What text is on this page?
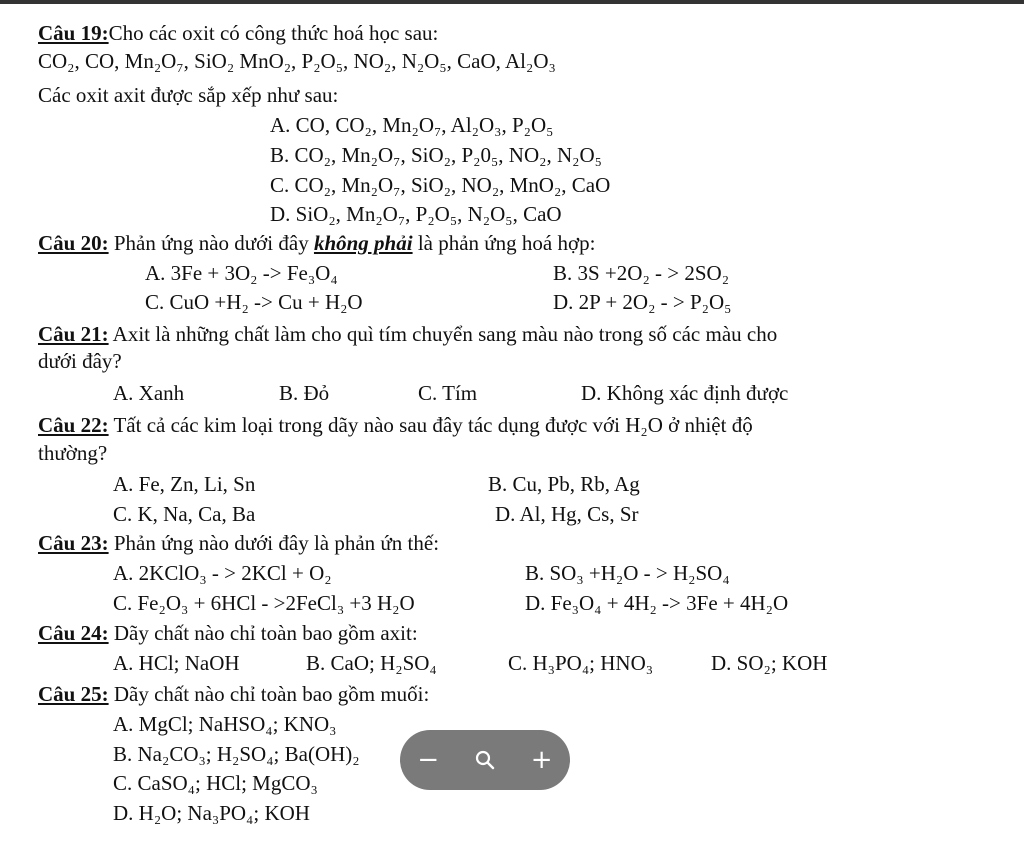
Câu 19:Cho các oxit có công thức hoá học sau:
CO₂, CO, Mn₂O₇, SiO₂ MnO₂, P₂O₅, NO₂, N₂O₅, CaO, Al₂O₃
Các oxit axit được sắp xếp như sau:
A. CO, CO₂, Mn₂O₇, Al₂O₃, P₂O₅
B. CO₂, Mn₂O₇, SiO₂, P₂0₅, NO₂, N₂O₅
C. CO₂, Mn₂O₇, SiO₂, NO₂, MnO₂, CaO
D. SiO₂, Mn₂O₇, P₂O₅, N₂O₅, CaO
Câu 20: Phản ứng nào dưới đây không phải là phản ứng hoá hợp:
A. 3Fe + 3O₂ -> Fe₃O₄	B. 3S +2O₂ - > 2SO₂
C. CuO +H₂ -> Cu + H₂O	D. 2P + 2O₂ - > P₂O₅
Câu 21: Axit là những chất làm cho quì tím chuyển sang màu nào trong số các màu cho
dưới đây?
A. Xanh	B. Đỏ	C. Tím	D. Không xác định được
Câu 22: Tất cả các kim loại trong dãy nào sau đây tác dụng được với H₂O ở nhiệt độ
thường?
A. Fe, Zn, Li, Sn	B. Cu, Pb, Rb, Ag
C. K, Na, Ca, Ba	D. Al, Hg, Cs, Sr
Câu 23: Phản ứng nào dưới đây là phản ứn thế:
A. 2KClO₃ - > 2KCl + O₂	B. SO₃ +H₂O - > H₂SO₄
C. Fe₂O₃ + 6HCl - >2FeCl₃ +3 H₂O	D. Fe₃O₄ + 4H₂ -> 3Fe + 4H₂O
Câu 24: Dãy chất nào chỉ toàn bao gồm axit:
A. HCl; NaOH	B. CaO; H₂SO₄	C. H₃PO₄; HNO₃	D. SO₂; KOH
Câu 25: Dãy chất nào chỉ toàn bao gồm muối:
A. MgCl; NaHSO₄; KNO₃
B. Na₂CO₃; H₂SO₄; Ba(OH)₂
C. CaSO₄; HCl; MgCO₃
D. H₂O; Na₃PO₄; KOH
−	+
